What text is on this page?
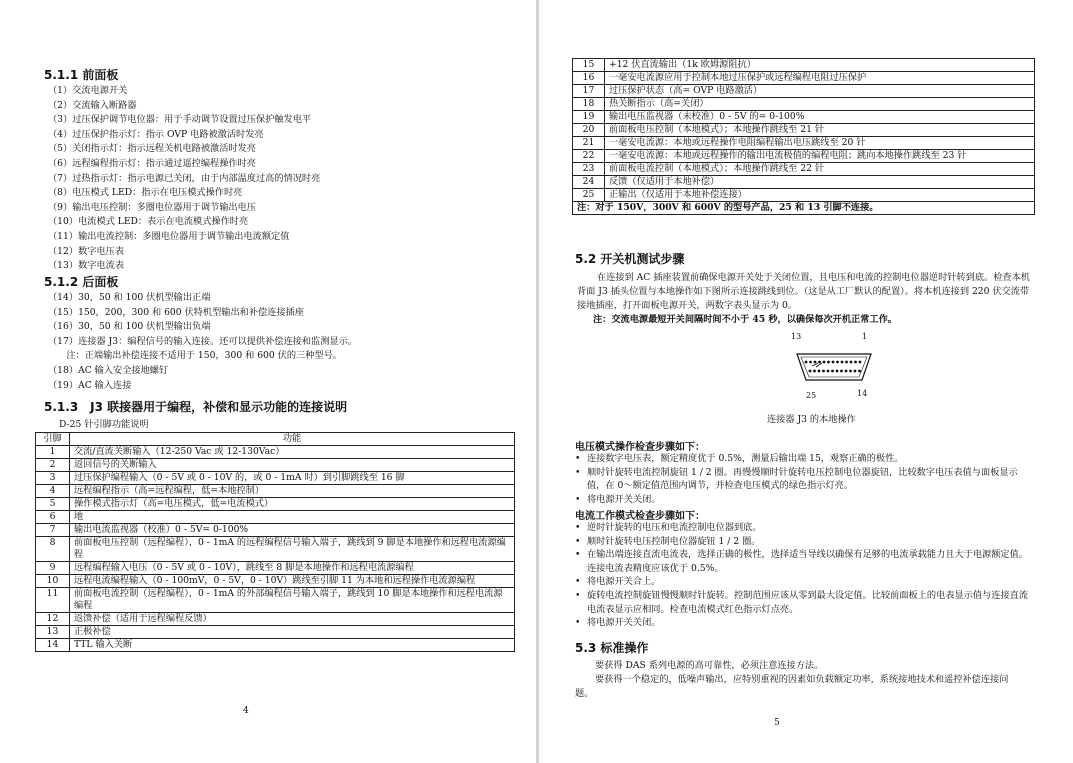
5.1.1 前面板
（1）交流电源开关
（2）交流输入断路器
（3）过压保护调节电位器：用于手动调节设置过压保护触发电平
（4）过压保护指示灯：指示 OVP 电路被激活时发亮
（5）关闭指示灯：指示远程关机电路被激活时发亮
（6）远程编程指示灯：指示通过遥控编程操作时亮
（7）过热指示灯：指示电源已关闭，由于内部温度过高的情况时亮
（8）电压模式 LED：指示在电压模式操作时亮
（9）输出电压控制：多圈电位器用于调节输出电压
（10）电流模式 LED：表示在电流模式操作时亮
（11）输出电流控制：多圈电位器用于调节输出电流额定值
（12）数字电压表
（13）数字电流表
5.1.2 后面板
（14）30，50 和 100 伏机型输出正端
（15）150，200，300 和 600 伏特机型输出和补偿连接插座
（16）30，50 和 100 伏机型输出负端
（17）连接器 J3：编程信号的输入连接。还可以提供补偿连接和监测显示。
　　注：正端输出补偿连接不适用于 150，300 和 600 伏的三种型号。
（18）AC 输入安全接地螺钉
（19）AC 输入连接
5.1.3　J3 联接器用于编程，补偿和显示功能的连接说明
D-25 针引脚功能说明
引脚	功能
1	交流/直流关断输入（12-250 Vac 或 12-130Vac）
2	返回信号的关断输入
3	过压保护编程输入（0 - 5V 或 0 - 10V 的，或 0 - 1mA 时）到引脚跳线至 16 脚
4	远程编程指示（高=远程编程，低=本地控制）
5	操作模式指示灯（高=电压模式，低=电流模式）
6	地
7	输出电流监视器（校准）0 - 5V= 0-100%
8	前面板电压控制（远程编程），0 - 1mA 的远程编程信号输入端子，跳线到 9 脚是本地操作和远程电流源编程
9	远程编程输入电压（0 - 5V 或 0 - 10V），跳线至 8 脚是本地操作和远程电流源编程
10	远程电流编程输入（0 - 100mV，0 - 5V，0 - 10V）跳线至引脚 11 为本地和远程操作电流源编程
11	前面板电流控制（远程编程），0 - 1mA 的外部编程信号输入端子，跳线到 10 脚是本地操作和远程电流源编程
12	返馈补偿（适用于远程编程反馈）
13	正极补偿
14	TTL 输入关断
4
15	+12 伏直流输出（1k 欧姆源阻抗）
16	一毫安电流源应用于控制本地过压保护或远程编程电阻过压保护
17	过压保护状态（高= OVP 电路激活）
18	热关断指示（高=关闭）
19	输出电压监视器（未校准）0 - 5V 的= 0-100%
20	前面板电压控制（本地模式）；本地操作跳线至 21 针
21	一毫安电流源：本地或远程操作电阻编程输出电压跳线至 20 针
22	一毫安电流源：本地或远程操作的输出电流极值的编程电阻；跳向本地操作跳线至 23 针
23	前面板电流控制（本地模式）；本地操作跳线至 22 针
24	反馈（仅适用于本地补偿）
25	正输出（仅适用于本地补偿连接）
注：对于 150V，300V 和 600V 的型号产品，25 和 13 引脚不连接。	
5.2 开关机测试步骤
在连接到 AC 插座装置前确保电源开关处于关闭位置，且电压和电流的控制电位器逆时针转到底。检查本机背面 J3 插头位置与本地操作如下图所示连接跳线到位。（这是从工厂默认的配置）。将本机连接到 220 伏交流带接地插座，打开面板电源开关，两数字表头显示为 0。
注：交流电源最短开关间隔时间不小于 45 秒，以确保每次开机正常工作。
13	1
25	14
连接器 J3 的本地操作
电压模式操作检查步骤如下：
• 连接数字电压表，额定精度优于 0.5%，测量后输出端 15，观察正确的极性。
• 顺时针旋转电流控制旋钮 1 / 2 圈。再慢慢顺时针旋转电压控制电位器旋钮，比较数字电压表值与面板显示值，在 0～额定值范围内调节，并检查电压模式的绿色指示灯亮。
• 将电源开关关闭。
电流工作模式检查步骤如下：
• 逆时针旋转的电压和电流控制电位器到底。
• 顺时针旋转电压控制电位器旋钮 1 / 2 圈。
• 在输出端连接直流电流表，选择正确的极性，选择适当导线以确保有足够的电流承载能力且大于电源额定值。连接电流表精度应该优于 0.5%。
• 将电源开关合上。
• 旋转电流控制旋钮慢慢顺时针旋转。控制范围应该从零到最大设定值。比较前面板上的电表显示值与连接直流电流表显示应相同。检查电流模式红色指示灯点亮。
• 将电源开关关闭。
5.3 标准操作
要获得 DAS 系列电源的高可靠性，必须注意连接方法。
要获得一个稳定的，低噪声输出，应特别重视的因素如负载额定功率，系统接地技术和遥控补偿连接问题。
5
